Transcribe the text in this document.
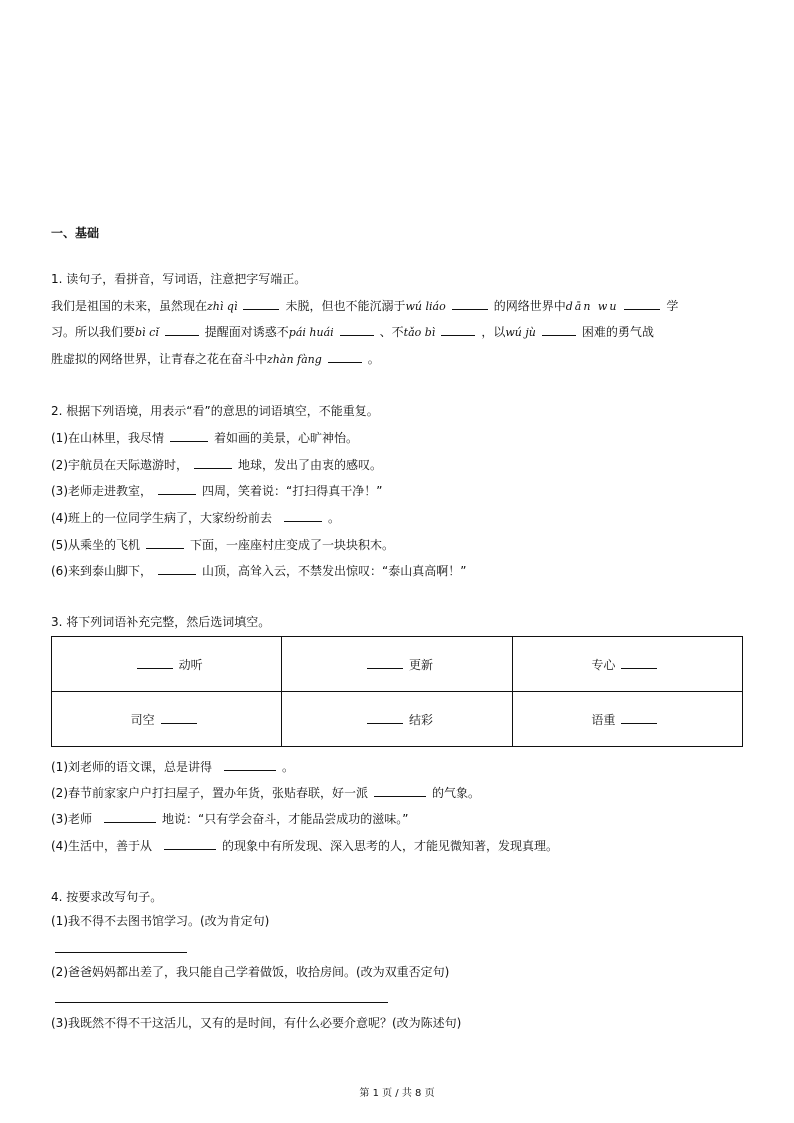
一、基础
1. 读句子，看拼音，写词语，注意把字写端正。
我们是祖国的未来，虽然现在zhì qì	未脱，但也不能沉溺于wú liáo	的网络世界中dān wu	学
习。所以我们要bì cǐ	提醒面对诱惑不pái huái	、不tǎo bì	，以wú jù	困难的勇气战
胜虚拟的网络世界，让青春之花在奋斗中zhàn fàng	。
2. 根据下列语境，用表示“看”的意思的词语填空，不能重复。
(1)在山林里，我尽情	着如画的美景，心旷神怡。
(2)宇航员在天际遨游时，	地球，发出了由衷的感叹。
(3)老师走进教室，	四周，笑着说：“打扫得真干净！”
(4)班上的一位同学生病了，大家纷纷前去	。
(5)从乘坐的飞机	下面，一座座村庄变成了一块块积木。
(6)来到泰山脚下，	山顶，高耸入云，不禁发出惊叹：“泰山真高啊！”
3. 将下列词语补充完整，然后选词填空。
动听	更新	专心
司空	结彩	语重
(1)刘老师的语文课，总是讲得	。
(2)春节前家家户户打扫屋子，置办年货，张贴春联，好一派	的气象。
(3)老师	地说：“只有学会奋斗，才能品尝成功的滋味。”
(4)生活中，善于从	的现象中有所发现、深入思考的人，才能见微知著，发现真理。
4. 按要求改写句子。
(1)我不得不去图书馆学习。(改为肯定句)
(2)爸爸妈妈都出差了，我只能自己学着做饭，收拾房间。(改为双重否定句)
(3)我既然不得不干这活儿，又有的是时间，有什么必要介意呢？(改为陈述句)
第 1 页 / 共 8 页
